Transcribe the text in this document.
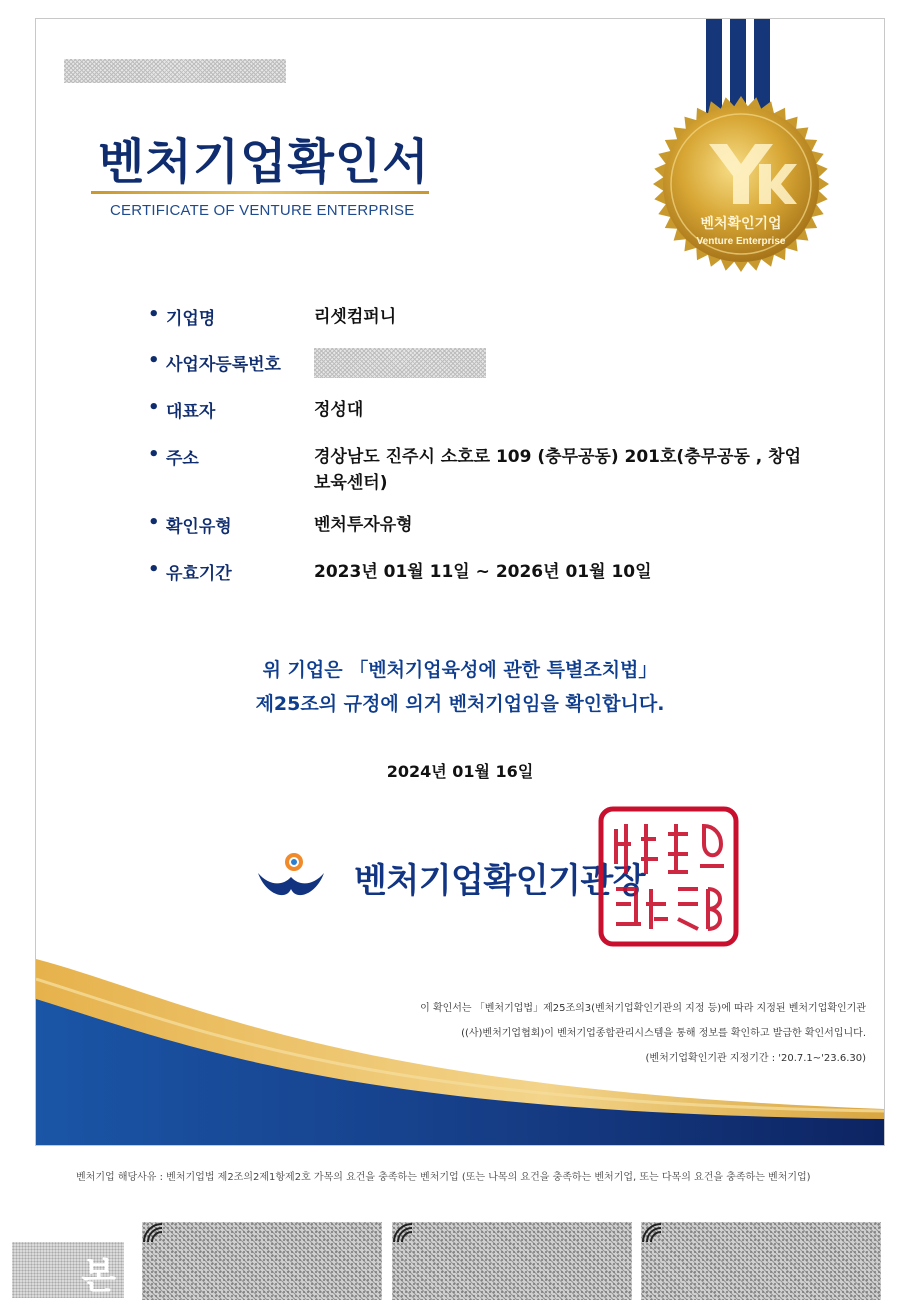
벤처확인기업
Venture Enterprise
벤처기업확인서
CERTIFICATE OF VENTURE ENTERPRISE
• 기업명	리셋컴퍼니
• 사업자등록번호
• 대표자	정성대
• 주소	경상남도 진주시 소호로 109 (충무공동) 201호(충무공동 , 창업보육센터)
• 확인유형	벤처투자유형
• 유효기간	2023년 01월 11일 ~ 2026년 01월 10일
위 기업은 「벤처기업육성에 관한 특별조치법」
제25조의 규정에 의거 벤처기업임을 확인합니다.
2024년 01월 16일
벤처기업확인기관장
이 확인서는 「벤처기업법」제25조의3(벤처기업확인기관의 지정 등)에 따라 지정된 벤처기업확인기관
((사)벤처기업협회)이 벤처기업종합관리시스템을 통해 정보를 확인하고 발급한 확인서입니다.
(벤처기업확인기관 지정기간 : '20.7.1~'23.6.30)
벤처기업 해당사유 : 벤처기업법 제2조의2제1항제2호 가목의 요건을 충족하는 벤처기업 (또는 나목의 요건을 충족하는 벤처기업, 또는 다목의 요건을 충족하는 벤처기업)
본
